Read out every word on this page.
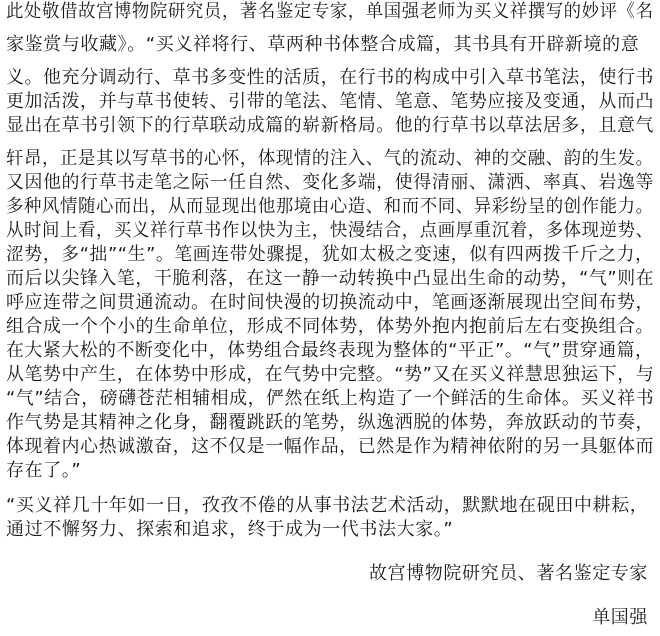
此处敬借故宫博物院研究员，著名鉴定专家，单国强老师为买义祥撰写的妙评《名
家鉴赏与收藏》。“买义祥将行、草两种书体整合成篇，其书具有开辟新境的意
义。他充分调动行、草书多变性的活质，在行书的构成中引入草书笔法，使行书
更加活泼，并与草书使转、引带的笔法、笔情、笔意、笔势应接及变通，从而凸
显出在草书引领下的行草联动成篇的崭新格局。他的行草书以草法居多，且意气
轩昂，正是其以写草书的心怀，体现情的注入、气的流动、神的交融、韵的生发。
又因他的行草书走笔之际一任自然、变化多端，使得清丽、潇洒、率真、岩逸等
多种风情随心而出，从而显现出他那境由心造、和而不同、异彩纷呈的创作能力。
从时间上看，买义祥行草书作以快为主，快漫结合，点画厚重沉着，多体现逆势、
涩势，多“拙”“生”。笔画连带处骤提，犹如太极之变速，似有四两拨千斤之力，
而后以尖锋入笔，干脆利落，在这一静一动转换中凸显出生命的动势，“气”则在
呼应连带之间贯通流动。在时间快漫的切换流动中，笔画逐渐展现出空间布势，
组合成一个个小的生命单位，形成不同体势，体势外抱内抱前后左右变换组合。
在大紧大松的不断变化中，体势组合最终表现为整体的“平正”。“气”贯穿通篇，
从笔势中产生，在体势中形成，在气势中完整。“势”又在买义祥慧思独运下，与
“气”结合，磅礴苍茫相辅相成，俨然在纸上构造了一个鲜活的生命体。买义祥书
作气势是其精神之化身，翻覆跳跃的笔势，纵逸洒脱的体势，奔放跃动的节奏，
体现着内心热诚激奋，这不仅是一幅作品，已然是作为精神依附的另一具躯体而
存在了。”
“买义祥几十年如一日，孜孜不倦的从事书法艺术活动，默默地在砚田中耕耘，
通过不懈努力、探索和追求，终于成为一代书法大家。”
故宫博物院研究员、著名鉴定专家
单国强
